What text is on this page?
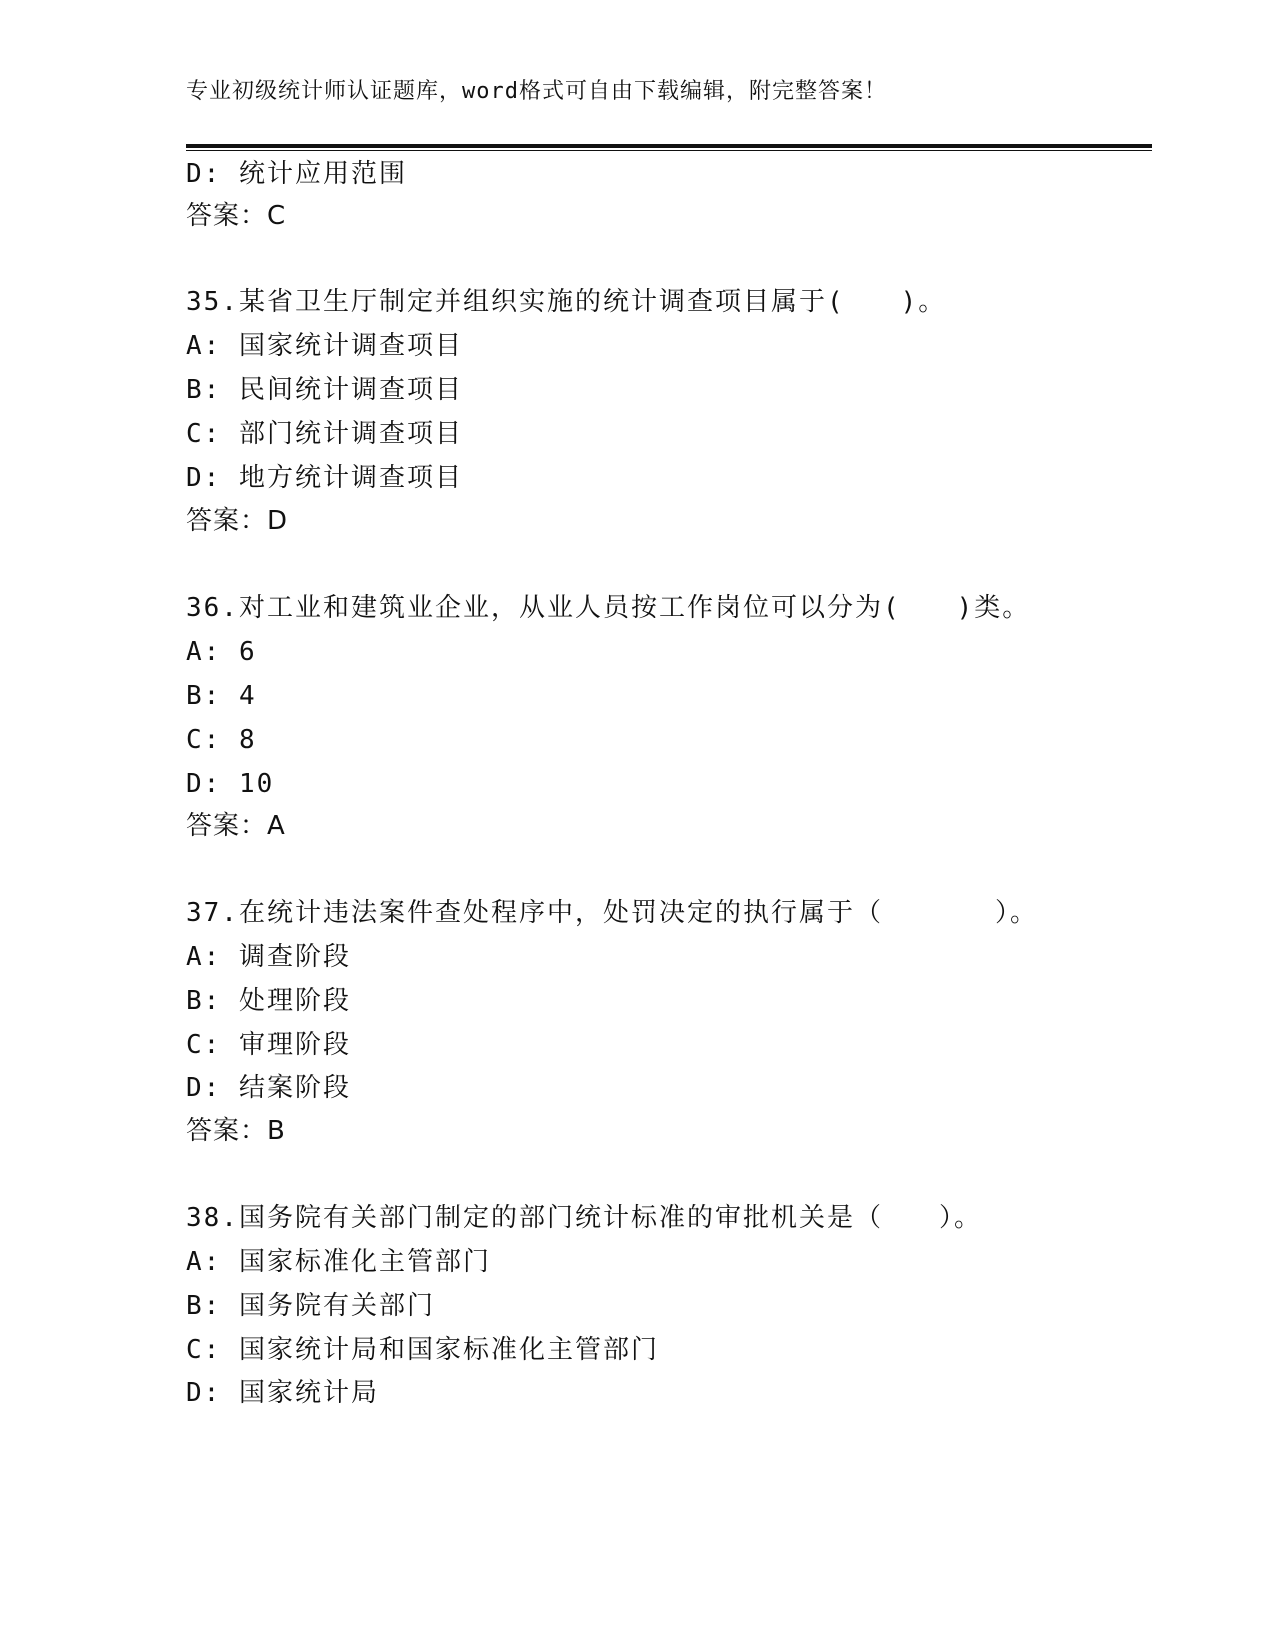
专业初级统计师认证题库，word格式可自由下载编辑，附完整答案！
D: 统计应用范围
答案：C
35.某省卫生厅制定并组织实施的统计调查项目属于(　　)。
A: 国家统计调查项目
B: 民间统计调查项目
C: 部门统计调查项目
D: 地方统计调查项目
答案：D
36.对工业和建筑业企业，从业人员按工作岗位可以分为(　　)类。
A: 6
B: 4
C: 8
D: 10
答案：A
37.在统计违法案件查处程序中，处罚决定的执行属于（　　　　）。
A: 调查阶段
B: 处理阶段
C: 审理阶段
D: 结案阶段
答案：B
38.国务院有关部门制定的部门统计标准的审批机关是（　　）。
A: 国家标准化主管部门
B: 国务院有关部门
C: 国家统计局和国家标准化主管部门
D: 国家统计局
